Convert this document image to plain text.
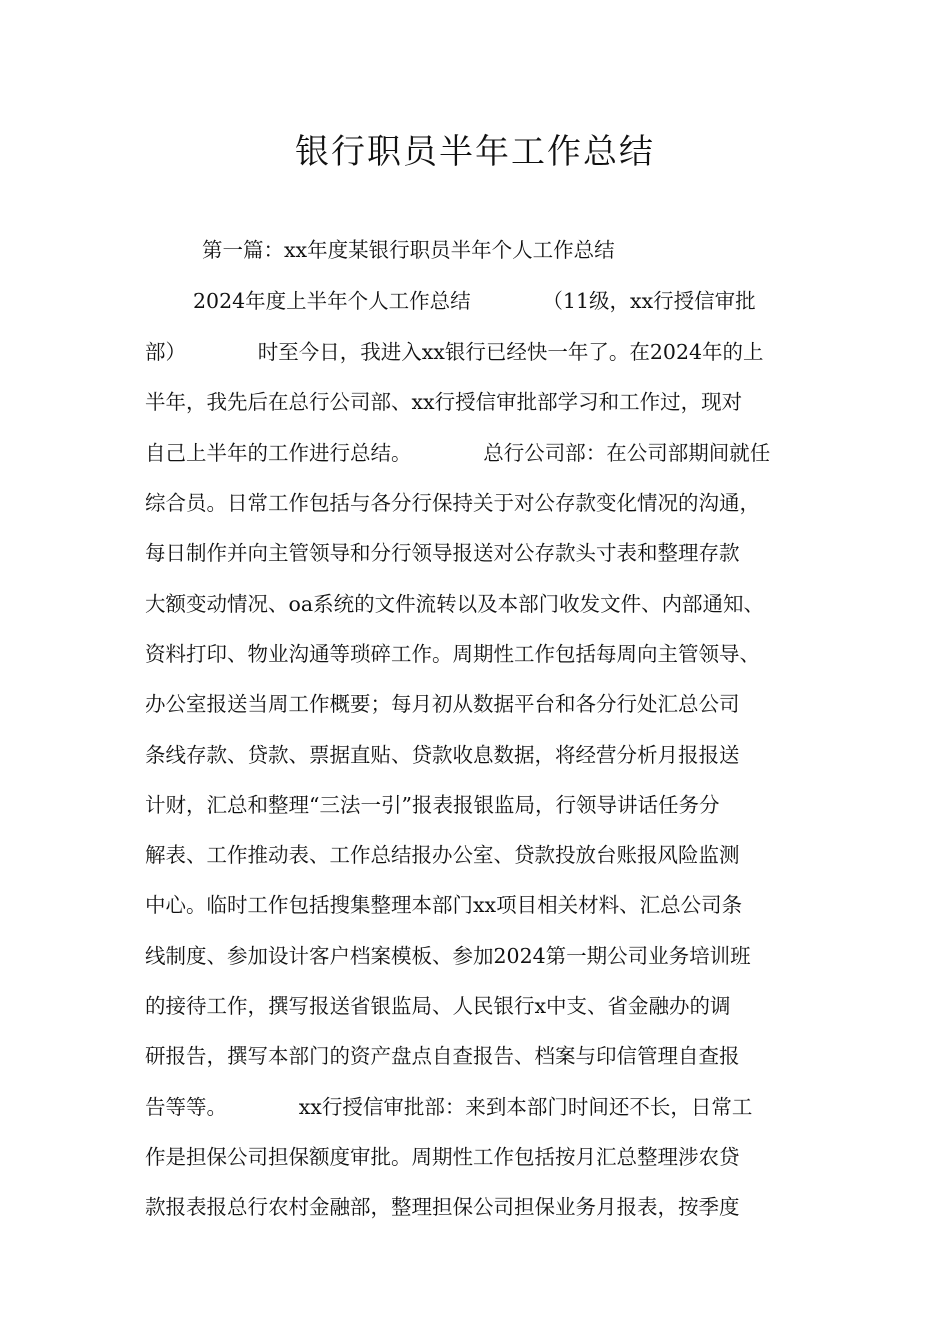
银行职员半年工作总结
第一篇：xx年度某银行职员半年个人工作总结
2024年度上半年个人工作总结　　　　（11级，xx行授信审批
部）　　　　时至今日，我进入xx银行已经快一年了。在2024年的上
半年，我先后在总行公司部、xx行授信审批部学习和工作过，现对
自己上半年的工作进行总结。　　　　总行公司部：在公司部期间就任
综合员。日常工作包括与各分行保持关于对公存款变化情况的沟通，
每日制作并向主管领导和分行领导报送对公存款头寸表和整理存款
大额变动情况、oa系统的文件流转以及本部门收发文件、内部通知、
资料打印、物业沟通等琐碎工作。周期性工作包括每周向主管领导、
办公室报送当周工作概要；每月初从数据平台和各分行处汇总公司
条线存款、贷款、票据直贴、贷款收息数据，将经营分析月报报送
计财，汇总和整理“三法一引”报表报银监局，行领导讲话任务分
解表、工作推动表、工作总结报办公室、贷款投放台账报风险监测
中心。临时工作包括搜集整理本部门xx项目相关材料、汇总公司条
线制度、参加设计客户档案模板、参加2024第一期公司业务培训班
的接待工作，撰写报送省银监局、人民银行x中支、省金融办的调
研报告，撰写本部门的资产盘点自查报告、档案与印信管理自查报
告等等。　　　　xx行授信审批部：来到本部门时间还不长，日常工
作是担保公司担保额度审批。周期性工作包括按月汇总整理涉农贷
款报表报总行农村金融部，整理担保公司担保业务月报表，按季度
